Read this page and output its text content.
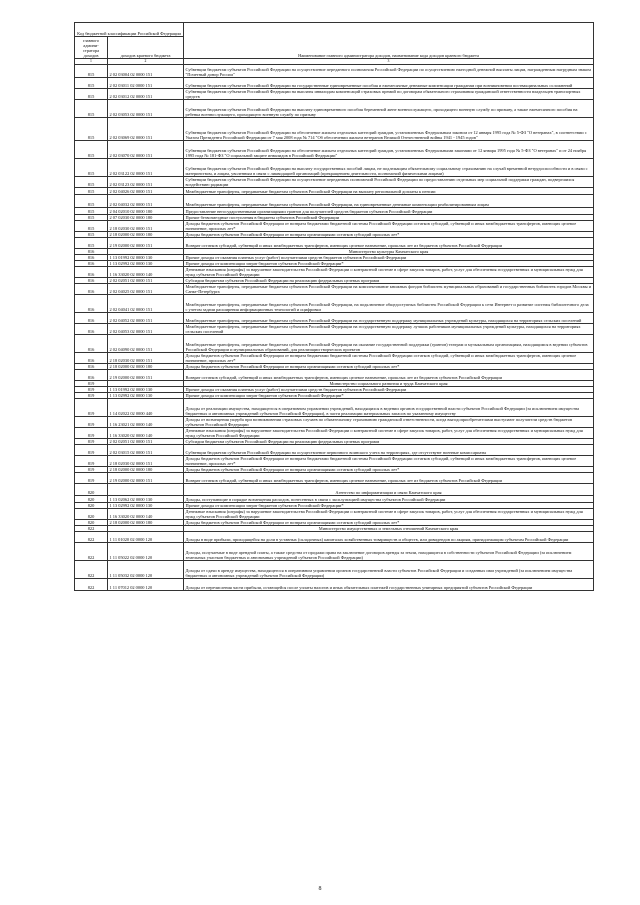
Код бюджетной классификации Российской Федерации		Наименование главного администратора доходов, наименование кода доходов краевого бюджета
главного админи-стратора доходов	доходов краевого бюджета	
1	2	3
815	2 02 03004 02 0000 151	Субвенции бюджетам субъектов Российской Федерации на осуществление переданного полномочия Российской Федерации по осуществлению ежегодной денежной выплаты лицам, награжденным нагрудным знаком "Почетный донор России"
815	2 02 03011 02 0000 151	Субвенции бюджетам субъектов Российской Федерации на государственные единовременные пособия и ежемесячные денежные компенсации гражданам при возникновении поствакцинальных осложнений
815	2 02 03012 02 0000 151	Субвенции бюджетам субъектов Российской Федерации на выплаты инвалидам компенсаций страховых премий по договорам обязательного страхования гражданской ответственности владельцев транспортных средств
815	2 02 03053 02 0000 151	Субвенции бюджетам субъектов Российской Федерации на выплату единовременного пособия беременной жене военнослужащего, проходящего военную службу по призыву, а также ежемесячного пособия на ребенка военнослужащего, проходящего военную службу по призыву
815	2 02 03069 02 0000 151	Субвенции бюджетам субъектов Российской Федерации на обеспечение жильем отдельных категорий граждан, установленных Федеральным законом от 12 января 1995 года № 5-ФЗ "О ветеранах", в соответствии с Указом Президента Российской Федерации от 7 мая 2008 года № 714 "Об обеспечении жильем ветеранов Великой Отечественной войны 1941 - 1945 годов"
815	2 02 03070 02 0000 151	Субвенции бюджетам субъектов Российской Федерации на обеспечение жильем отдельных категорий граждан, установленных Федеральными законами от 12 января 1995 года № 5-ФЗ "О ветеранах" и от 24 ноября 1995 года № 181-ФЗ "О социальной защите инвалидов в Российской Федерации"
815	2 02 03122 02 0000 151	Субвенции бюджетам субъектов Российской Федерации на выплату государственных пособий лицам, не подлежащим обязательному социальному страхованию на случай временной нетрудоспособности и в связи с материнством, и лицам, уволенным в связи с ликвидацией организаций (прекращением деятельности, полномочий физическими лицами)
815	2 02 03123 02 0000 151	Субвенции бюджетам субъектов Российской Федерации на осуществление переданных полномочий Российской Федерации по предоставлению отдельных мер социальной поддержки граждан, подвергшихся воздействию радиации
815	2 02 04026 02 0000 151	Межбюджетные трансферты, передаваемые бюджетам субъектов Российской Федерации на выплату региональной доплаты к пенсии
815	2 02 04032 02 0000 151	Межбюджетные трансферты, передаваемые бюджетам субъектов Российской Федерации, на единовременные денежные компенсации реабилитированным лицам
815	2 04 02010 02 0000 180	Предоставление негосударственными организациями грантов для получателей средств бюджетов субъектов Российской Федерации
815	2 07 02030 02 0000 180	Прочие безвозмездные поступления в бюджеты субъектов Российской Федерации
815	2 18 02030 02 0000 151	Доходы бюджетов субъектов Российской Федерации от возврата бюджетами бюджетной системы Российской Федерации остатков субсидий, субвенций и иных межбюджетных трансфертов, имеющих целевое назначение, прошлых лет*
815	2 18 02000 02 0000 180	Доходы бюджетов субъектов Российской Федерации от возврата организациями остатков субсидий прошлых лет*
815	2 19 02000 02 0000 151	Возврат остатков субсидий, субвенций и иных межбюджетных трансфертов, имеющих целевое назначение, прошлых лет из бюджетов субъектов Российской Федерации
816		Министерство культуры Камчатского края
816	1 13 01992 02 0000 130	Прочие доходы от оказания платных услуг (работ) получателями средств бюджетов субъектов Российской Федерации
816	1 13 02992 02 0000 130	Прочие доходы от компенсации затрат бюджетов субъектов Российской Федерации*
816	1 16 33020 02 0000 140	Денежные взыскания (штрафы) за нарушение законодательства Российской Федерации о контрактной системе в сфере закупок товаров, работ, услуг для обеспечения государственных и муниципальных нужд для нужд субъектов Российской Федерации
816	2 02 02051 02 0000 151	Субсидии бюджетам субъектов Российской Федерации на реализацию федеральных целевых программ
816	2 02 04025 02 0000 151	Межбюджетные трансферты, передаваемые бюджетам субъектов Российской Федерации на комплектование книжных фондов библиотек муниципальных образований и государственных библиотек городов Москвы и Санкт-Петербурга
816	2 02 04041 02 0000 151	Межбюджетные трансферты, передаваемые бюджетам субъектов Российской Федерации, на подключение общедоступных библиотек Российской Федерации к сети Интернет и развитие системы библиотечного дела с учетом задачи расширения информационных технологий и оцифровки
816	2 02 04052 02 0000 151	Межбюджетные трансферты, передаваемые бюджетам субъектов Российской Федерации на государственную поддержку муниципальных учреждений культуры, находящихся на территориях сельских поселений
816	2 02 04053 02 0000 151	Межбюджетные трансферты, передаваемые бюджетам субъектов Российской Федерации на государственную поддержку лучших работников муниципальных учреждений культуры, находящихся на территориях сельских поселений
816	2 02 04090 02 0000 151	Межбюджетные трансферты, передаваемые бюджетам субъектов Российской Федерации на оказание государственной поддержки (грантов) театрам и музыкальным организациям, находящимся в ведении субъектов Российской Федерации и муниципальных образований, для реализации творческих проектов
816	2 18 02030 02 0000 151	Доходы бюджетов субъектов Российской Федерации от возврата бюджетами бюджетной системы Российской Федерации остатков субсидий, субвенций и иных межбюджетных трансфертов, имеющих целевое назначение, прошлых лет*
816	2 18 02000 02 0000 180	Доходы бюджетов субъектов Российской Федерации от возврата организациями остатков субсидий прошлых лет*
816	2 19 02000 02 0000 151	Возврат остатков субсидий, субвенций и иных межбюджетных трансфертов, имеющих целевое назначение, прошлых лет из бюджетов субъектов Российской Федерации
819		Министерство социального развития и труда Камчатского края
819	1 13 01992 02 0000 130	Прочие доходы от оказания платных услуг (работ) получателями средств бюджетов субъектов Российской Федерации
819	1 13 02992 02 0000 130	Прочие доходы от компенсации затрат бюджетов субъектов Российской Федерации*
819	1 14 02022 02 0000 440	Доходы от реализации имущества, находящегося в оперативном управлении учреждений, находящихся в ведении органов государственной власти субъектов Российской Федерации (за исключением имущества бюджетных и автономных учреждений субъектов Российской Федерации), в части реализации материальных запасов по указанному имуществу
819	1 16 23021 02 0000 140	Доходы от возмещения ущерба при возникновении страховых случаев по обязательному страхованию гражданской ответственности, когда выгодоприобретателями выступают получатели средств бюджетов субъектов Российской Федерации
819	1 16 33020 02 0000 140	Денежные взыскания (штрафы) за нарушение законодательства Российской Федерации о контрактной системе в сфере закупок товаров, работ, услуг для обеспечения государственных и муниципальных нужд для нужд субъектов Российской Федерации
819	2 02 02051 02 0000 151	Субсидии бюджетам субъектов Российской Федерации на реализацию федеральных целевых программ
819	2 02 03015 02 0000 151	Субвенции бюджетам субъектов Российской Федерации на осуществление первичного воинского учета на территориях, где отсутствуют военные комиссариаты
819	2 18 02030 02 0000 151	Доходы бюджетов субъектов Российской Федерации от возврата бюджетами бюджетной системы Российской Федерации остатков субсидий, субвенций и иных межбюджетных трансфертов, имеющих целевое назначение, прошлых лет*
819	2 18 02000 02 0000 180	Доходы бюджетов субъектов Российской Федерации от возврата организациями остатков субсидий прошлых лет*
819	2 19 02000 02 0000 151	Возврат остатков субсидий, субвенций и иных межбюджетных трансфертов, имеющих целевое назначение, прошлых лет из бюджетов субъектов Российской Федерации
820		Агентство по информатизации и связи Камчатского края
820	1 13 02062 02 0000 130	Доходы, поступающие в порядке возмещения расходов, понесенных в связи с эксплуатацией имущества субъектов Российской Федерации
820	1 13 02992 02 0000 130	Прочие доходы от компенсации затрат бюджетов субъектов Российской Федерации*
820	1 16 33020 02 0000 140	Денежные взыскания (штрафы) за нарушение законодательства Российской Федерации о контрактной системе в сфере закупок товаров, работ, услуг для обеспечения государственных и муниципальных нужд для нужд субъектов Российской Федерации
820	2 18 02000 02 0000 180	Доходы бюджетов субъектов Российской Федерации от возврата организациями остатков субсидий прошлых лет*
822		Министерство имущественных и земельных отношений Камчатского края
822	1 11 01020 02 0000 120	Доходы в виде прибыли, приходящейся на доли в уставных (складочных) капиталах хозяйственных товариществ и обществ, или дивидендов по акциям, принадлежащим субъектам Российской Федерации
822	1 11 05022 02 0000 120	Доходы, получаемые в виде арендной платы, а также средства от продажи права на заключение договоров аренды за земли, находящиеся в собственности субъектов Российской Федерации (за исключением земельных участков бюджетных и автономных учреждений субъектов Российской Федерации)
822	1 11 05032 02 0000 120	Доходы от сдачи в аренду имущества, находящегося в оперативном управлении органов государственной власти субъектов Российской Федерации и созданных ими учреждений (за исключением имущества бюджетных и автономных учреждений субъектов Российской Федерации)
822	1 11 07012 02 0000 120	Доходы от перечисления части прибыли, остающейся после уплаты налогов и иных обязательных платежей государственных унитарных предприятий субъектов Российской Федерации
8
